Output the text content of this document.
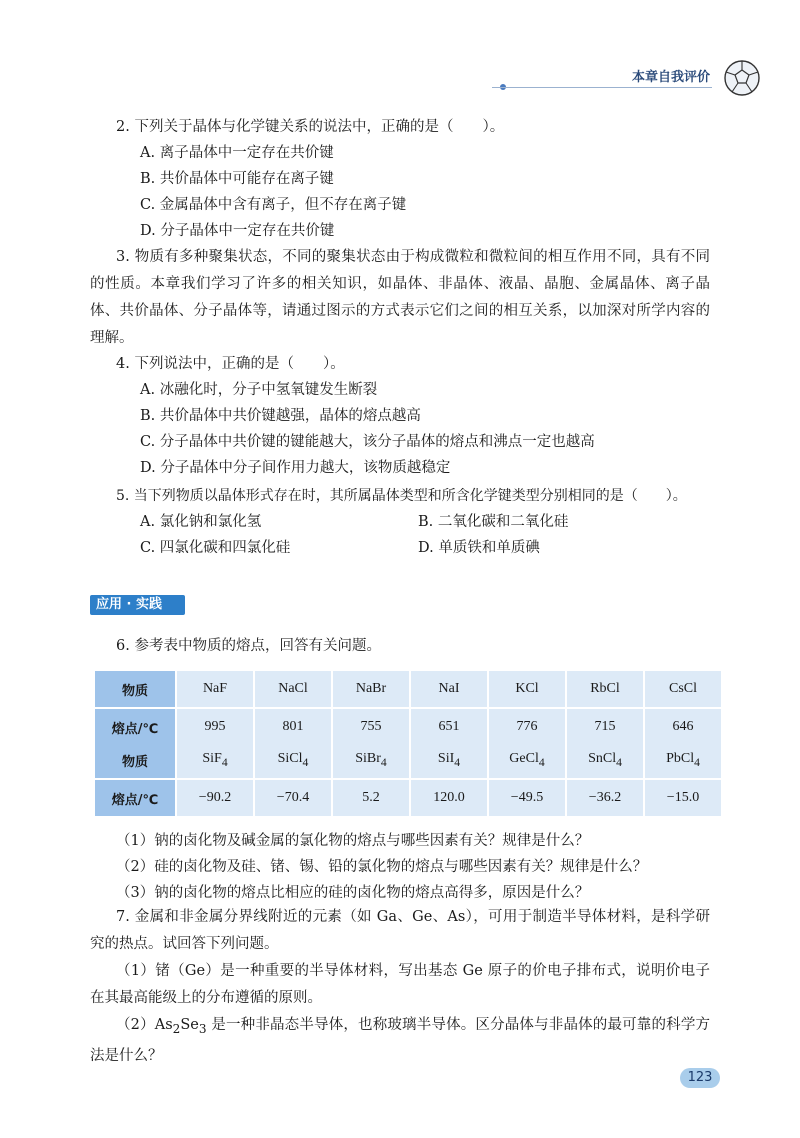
本章自我评价
2. 下列关于晶体与化学键关系的说法中，正确的是（　　）。
A. 离子晶体中一定存在共价键
B. 共价晶体中可能存在离子键
C. 金属晶体中含有离子，但不存在离子键
D. 分子晶体中一定存在共价键
3. 物质有多种聚集状态，不同的聚集状态由于构成微粒和微粒间的相互作用不同，具有不同的性质。本章我们学习了许多的相关知识，如晶体、非晶体、液晶、晶胞、金属晶体、离子晶体、共价晶体、分子晶体等，请通过图示的方式表示它们之间的相互关系，以加深对所学内容的理解。
4. 下列说法中，正确的是（　　）。
A. 冰融化时，分子中氢氧键发生断裂
B. 共价晶体中共价键越强，晶体的熔点越高
C. 分子晶体中共价键的键能越大，该分子晶体的熔点和沸点一定也越高
D. 分子晶体中分子间作用力越大，该物质越稳定
5. 当下列物质以晶体形式存在时，其所属晶体类型和所含化学键类型分别相同的是（　　）。
A. 氯化钠和氯化氢	B. 二氧化碳和二氧化硅
C. 四氯化碳和四氯化硅	D. 单质铁和单质碘
应用 · 实践
6. 参考表中物质的熔点，回答有关问题。
物质	NaF	NaCl	NaBr	NaI	KCl	RbCl	CsCl
熔点/℃	995	801	755	651	776	715	646
物质	SiF$_4$	SiCl$_4$	SiBr$_4$	SiI$_4$	GeCl$_4$	SnCl$_4$	PbCl$_4$
熔点/℃	−90.2	−70.4	5.2	120.0	−49.5	−36.2	−15.0
（1）钠的卤化物及碱金属的氯化物的熔点与哪些因素有关？规律是什么？
（2）硅的卤化物及硅、锗、锡、铅的氯化物的熔点与哪些因素有关？规律是什么？
（3）钠的卤化物的熔点比相应的硅的卤化物的熔点高得多，原因是什么？
7. 金属和非金属分界线附近的元素（如 Ga、Ge、As），可用于制造半导体材料，是科学研究的热点。试回答下列问题。
（1）锗（Ge）是一种重要的半导体材料，写出基态 Ge 原子的价电子排布式，说明价电子在其最高能级上的分布遵循的原则。
$(2)As_2Se_3$ 是一种非晶态半导体，也称玻璃半导体。区分晶体与非晶体的最可靠的科学方法是什么？
123
